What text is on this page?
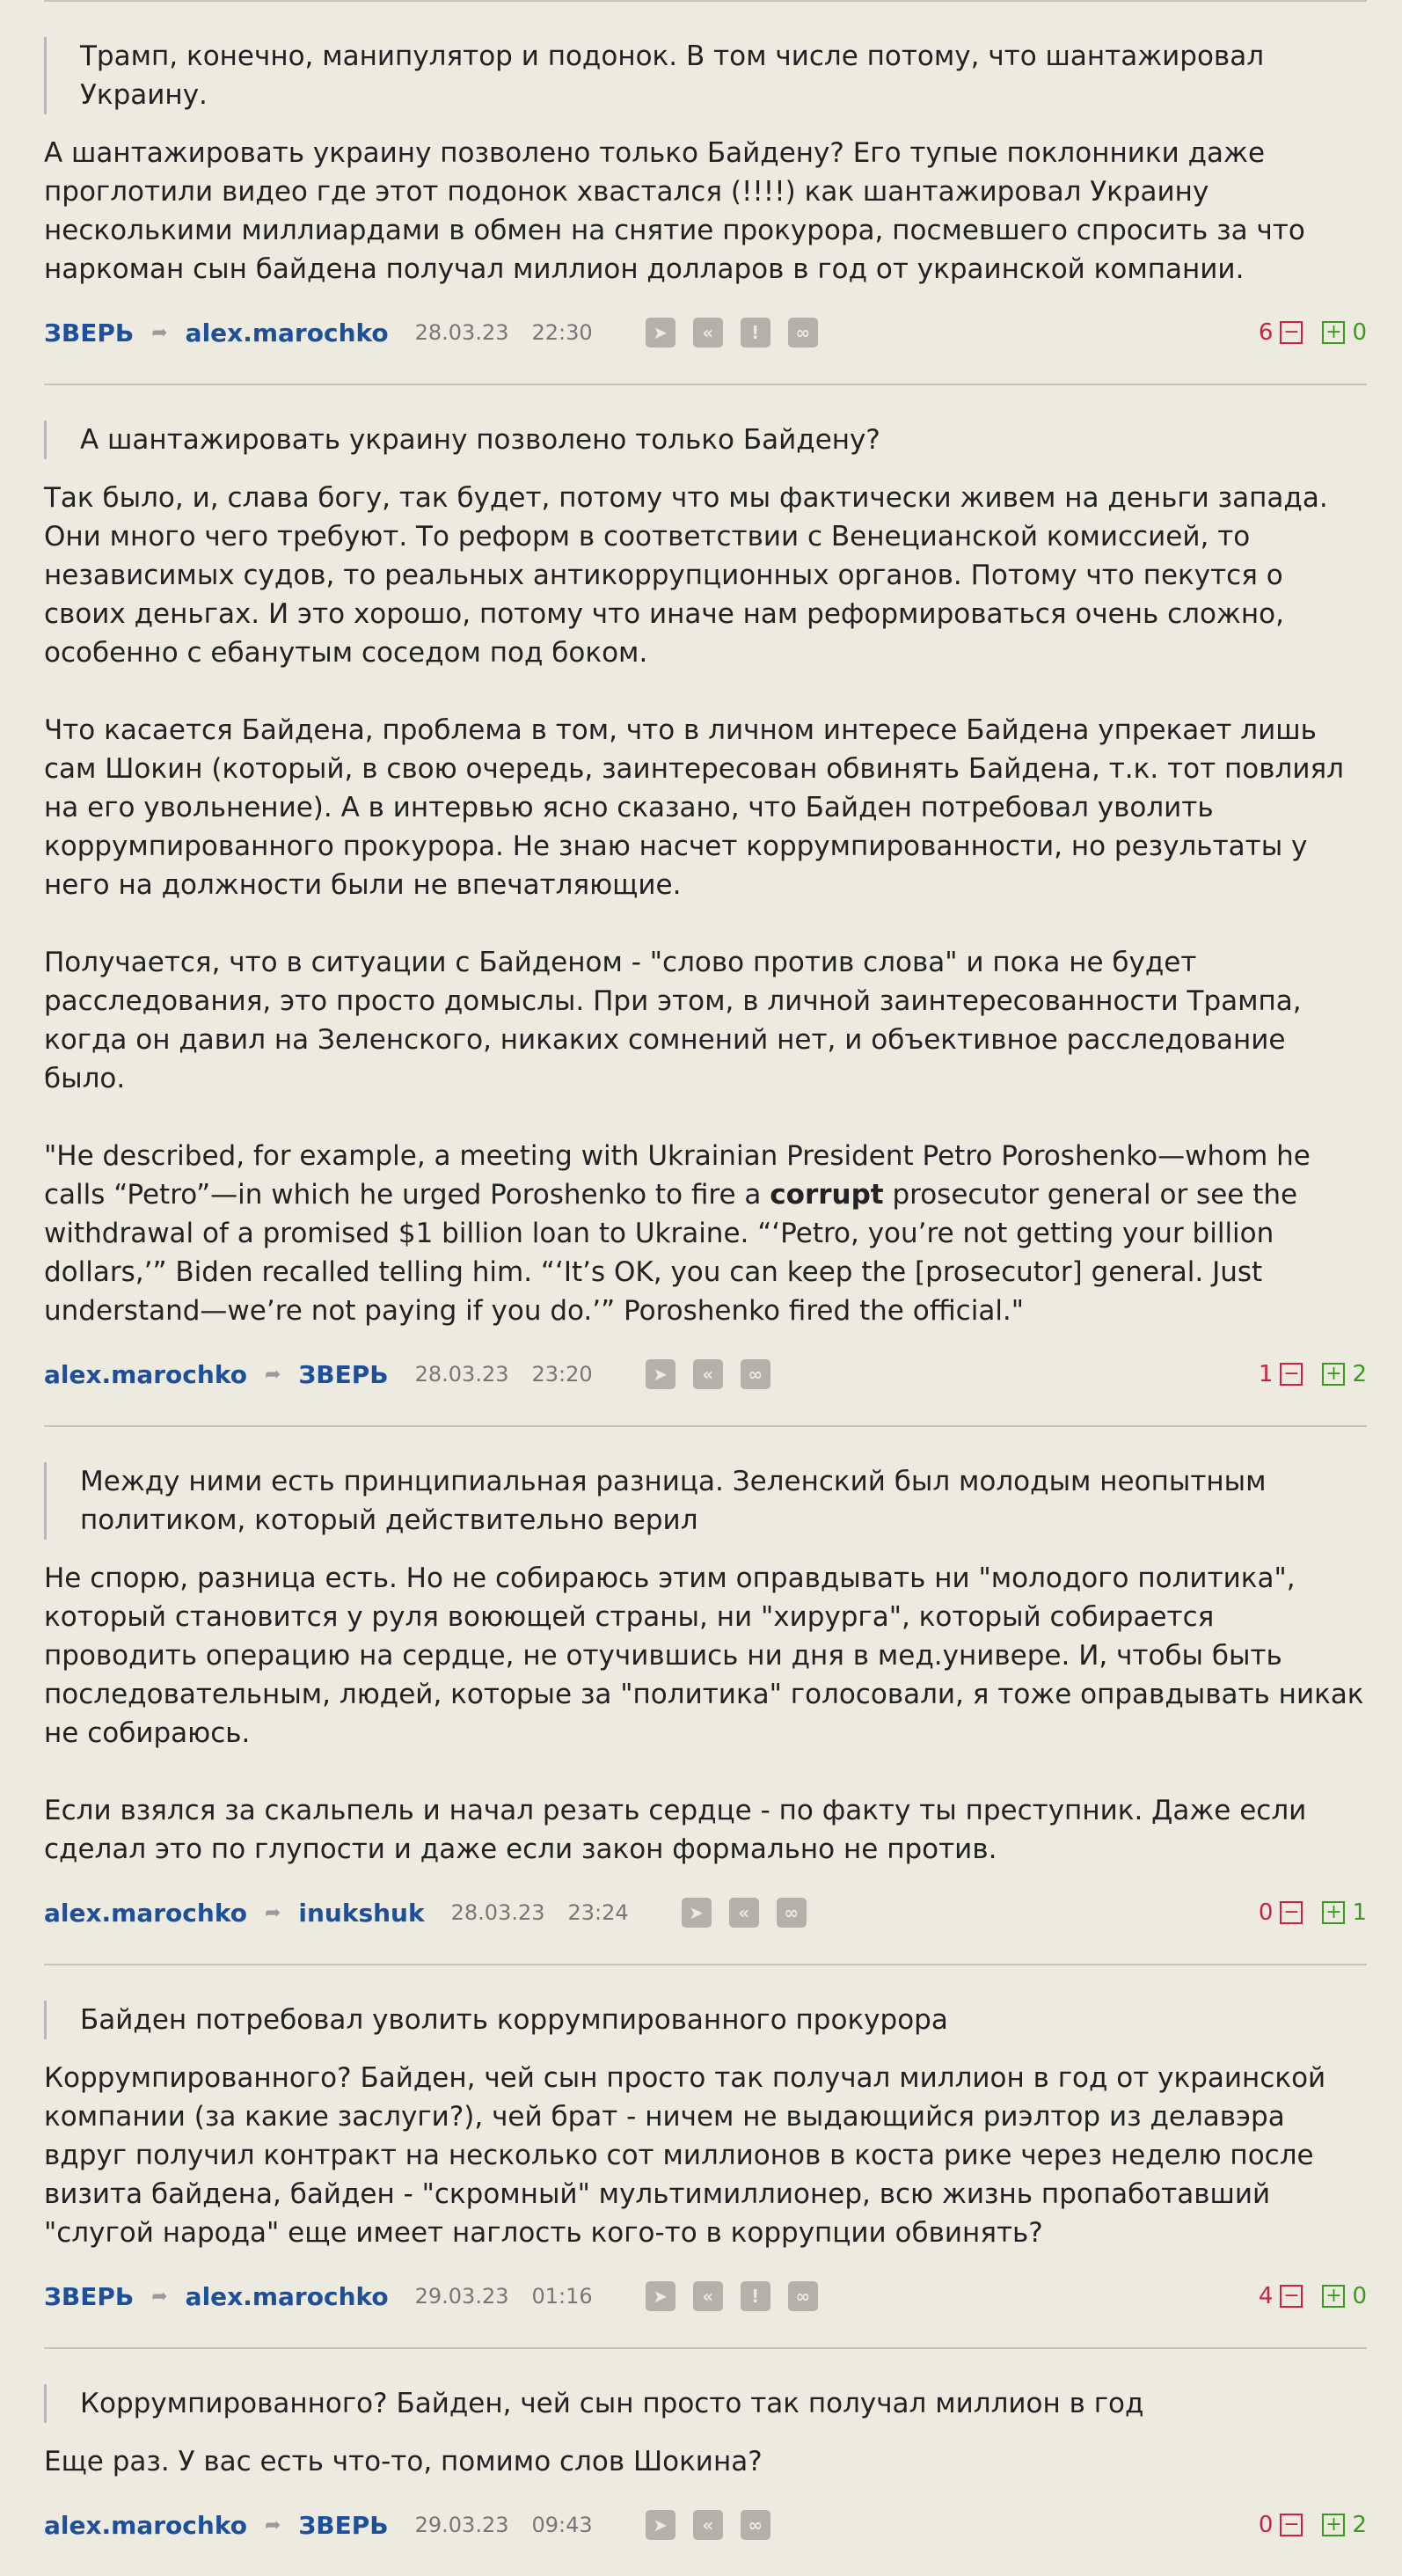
Трамп, конечно, манипулятор и подонок. В том числе потому, что шантажировал Украину.

А шантажировать украину позволено только Байдену? Его тупые поклонники даже проглотили видео где этот подонок хвастался (!!!!) как шантажировал Украину несколькими миллиардами в обмен на снятие прокурора, посмевшего спросить за что наркоман сын байдена получал миллион долларов в год от украинской компании.

ЗВЕРЬ ➦ alex.marochko 28.03.23 22:30	➤	«	!	∞	6 − + 0
А шантажировать украину позволено только Байдену?

Так было, и, слава богу, так будет, потому что мы фактически живем на деньги запада. Они много чего требуют. То реформ в соответствии с Венецианской комиссией, то независимых судов, то реальных антикоррупционных органов. Потому что пекутся о своих деньгах. И это хорошо, потому что иначе нам реформироваться очень сложно, особенно с ебанутым соседом под боком.

Что касается Байдена, проблема в том, что в личном интересе Байдена упрекает лишь сам Шокин (который, в свою очередь, заинтересован обвинять Байдена, т.к. тот повлиял на его увольнение). А в интервью ясно сказано, что Байден потребовал уволить коррумпированного прокурора. Не знаю насчет коррумпированности, но результаты у него на должности были не впечатляющие.

Получается, что в ситуации с Байденом - "слово против слова" и пока не будет расследования, это просто домыслы. При этом, в личной заинтересованности Трампа, когда он давил на Зеленского, никаких сомнений нет, и объективное расследование было.

"He described, for example, a meeting with Ukrainian President Petro Poroshenko—whom he calls “Petro”—in which he urged Poroshenko to fire a corrupt prosecutor general or see the withdrawal of a promised $1 billion loan to Ukraine. “‘Petro, you’re not getting your billion dollars,’” Biden recalled telling him. “‘It’s OK, you can keep the [prosecutor] general. Just understand—we’re not paying if you do.’” Poroshenko fired the official."

alex.marochko ➦ ЗВЕРЬ 28.03.23 23:20	➤	«	∞	1 − + 2
Между ними есть принципиальная разница. Зеленский был молодым неопытным политиком, который действительно верил

Не спорю, разница есть. Но не собираюсь этим оправдывать ни "молодого политика", который становится у руля воюющей страны, ни "хирурга", который собирается проводить операцию на сердце, не отучившись ни дня в мед.универе. И, чтобы быть последовательным, людей, которые за "политика" голосовали, я тоже оправдывать никак не собираюсь.

Если взялся за скальпель и начал резать сердце - по факту ты преступник. Даже если сделал это по глупости и даже если закон формально не против.

alex.marochko ➦ inukshuk 28.03.23 23:24	➤	«	∞	0 − + 1
Байден потребовал уволить коррумпированного прокурора

Коррумпированного? Байден, чей сын просто так получал миллион в год от украинской компании (за какие заслуги?), чей брат - ничем не выдающийся риэлтор из делавэра вдруг получил контракт на несколько сот миллионов в коста рике через неделю после визита байдена, байден - "скромный" мультимиллионер, всю жизнь пропаботавший "слугой народа" еще имеет наглость кого-то в коррупции обвинять?

ЗВЕРЬ ➦ alex.marochko 29.03.23 01:16	➤	«	!	∞	4 − + 0
Коррумпированного? Байден, чей сын просто так получал миллион в год

Еще раз. У вас есть что-то, помимо слов Шокина?

alex.marochko ➦ ЗВЕРЬ 29.03.23 09:43	➤	«	∞	0 − + 2
